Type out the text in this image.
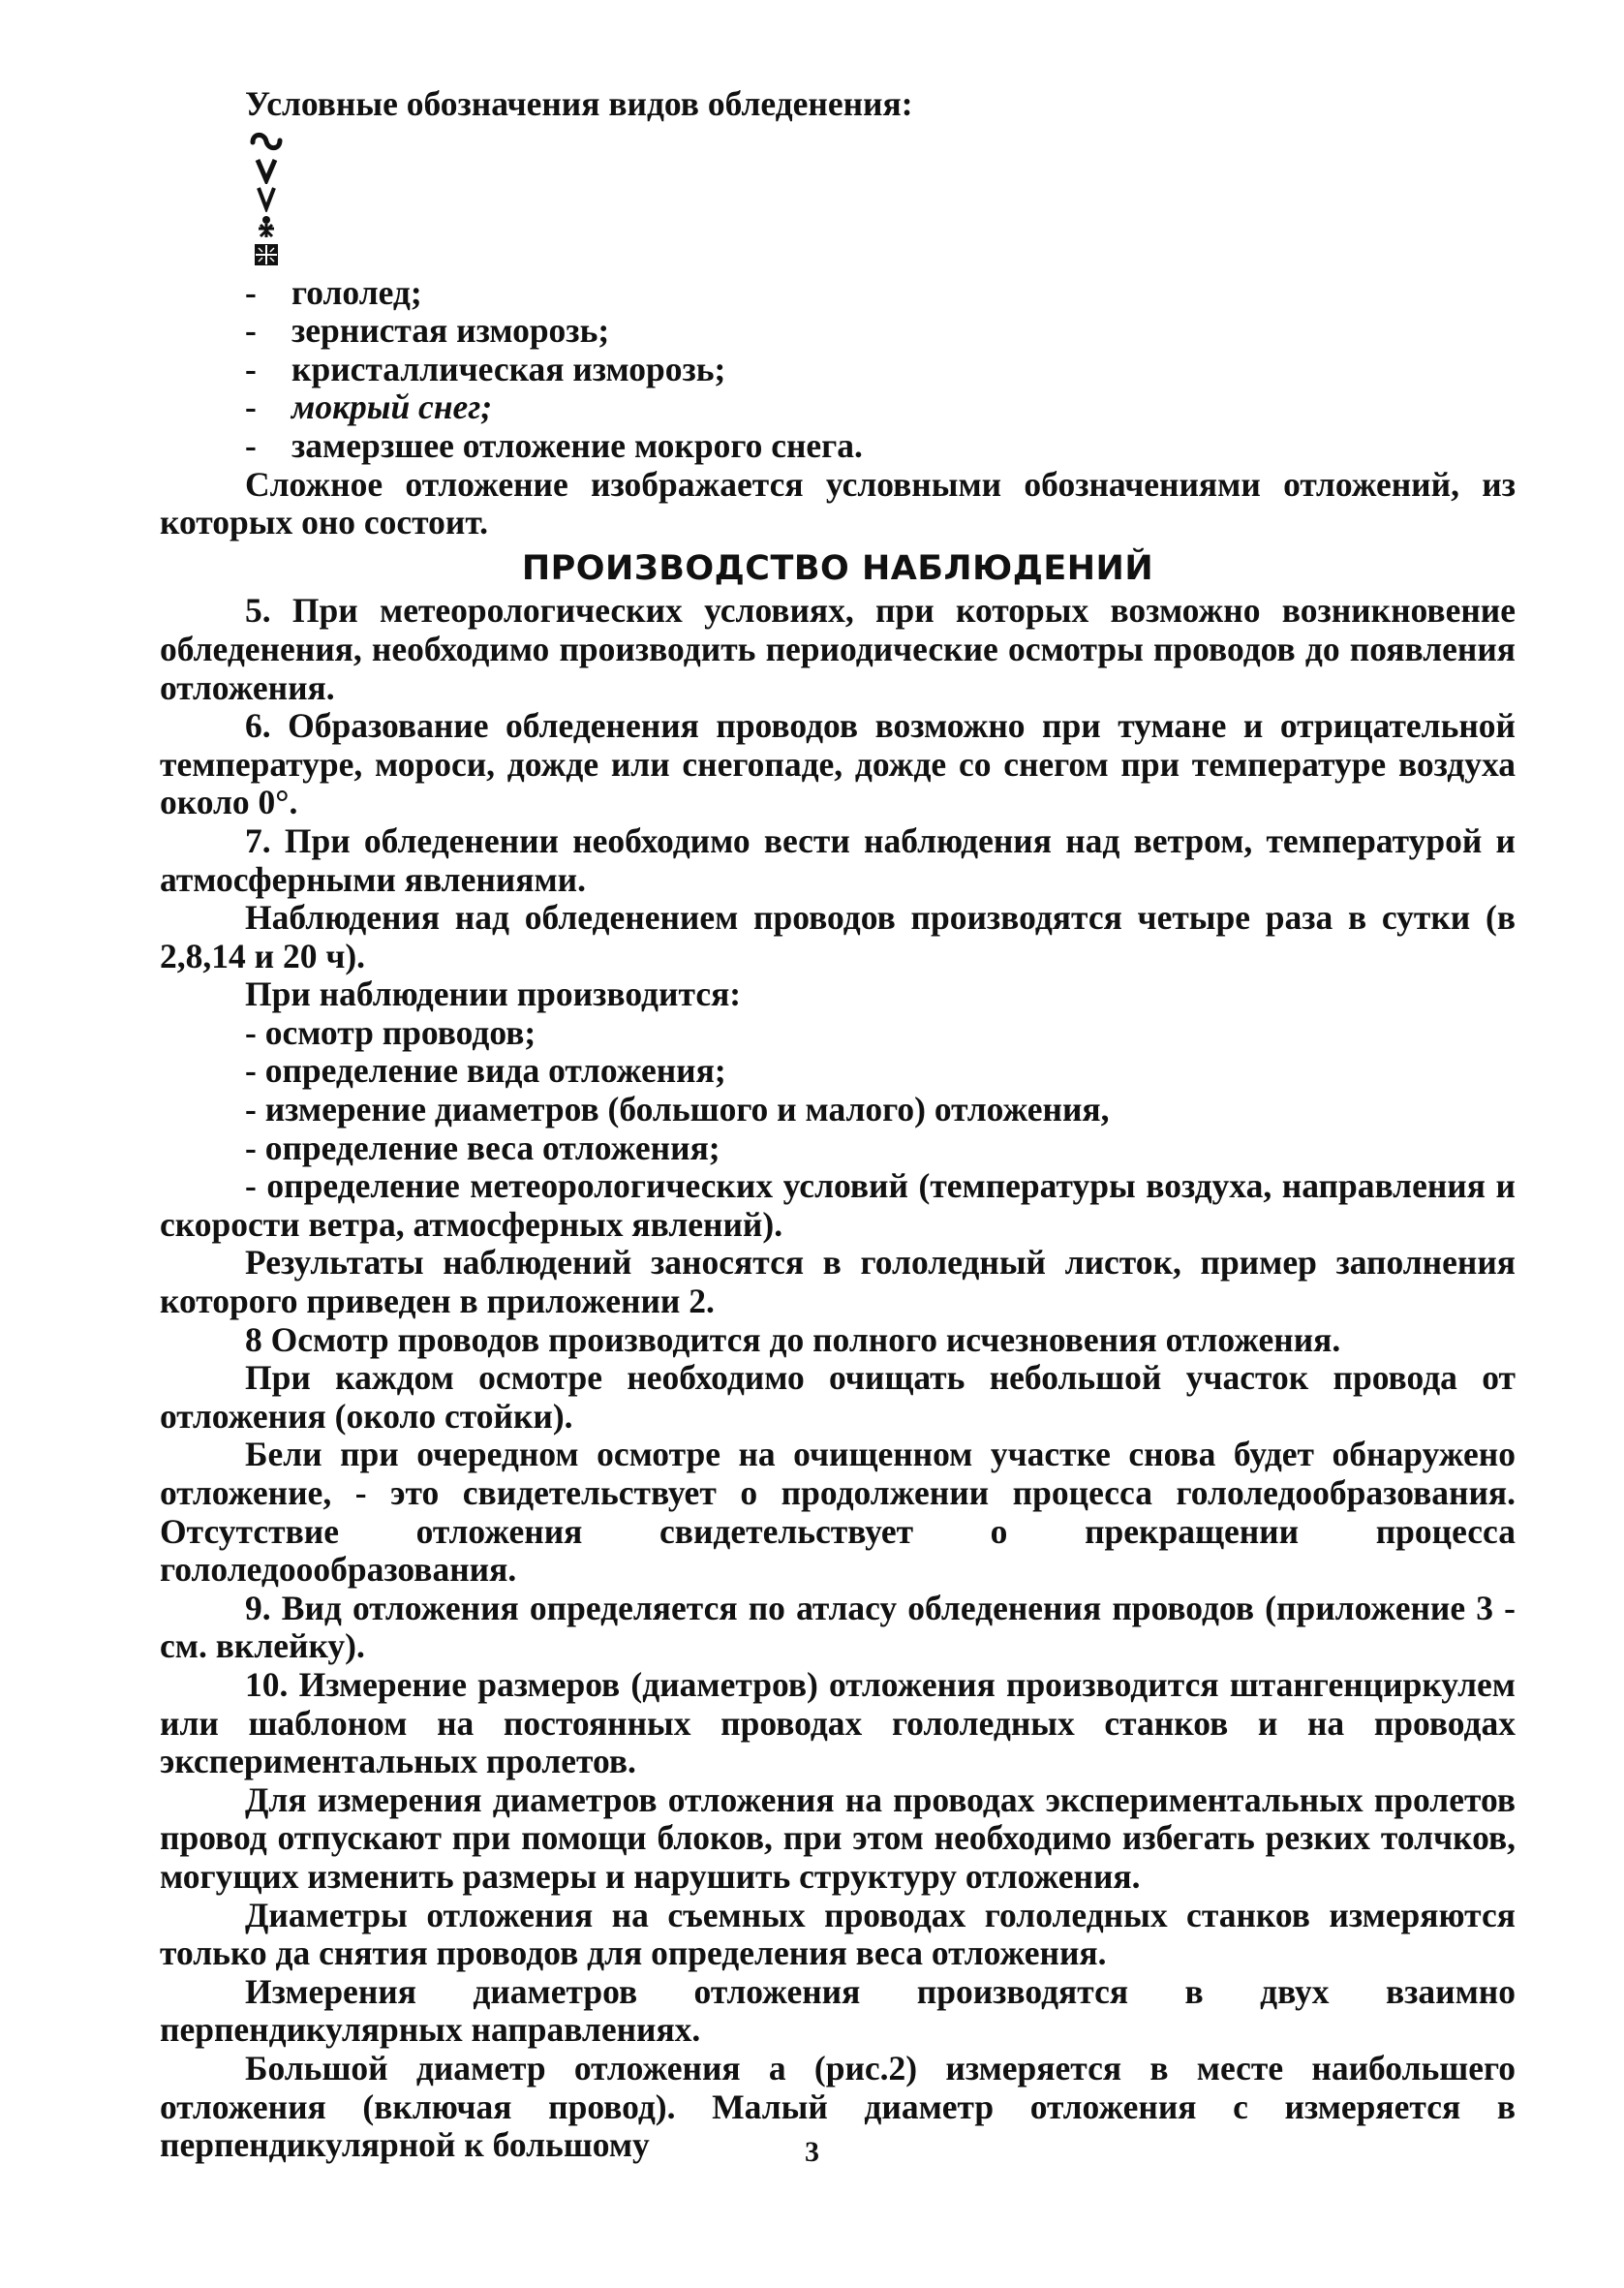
Условные обозначения видов обледенения:

- гололед;

- зернистая изморозь;

- кристаллическая изморозь;

- мокрый снег;

- замерзшее отложение мокрого снега.

Сложное отложение изображается условными обозначениями отложений, из которых оно состоит.

ПРОИЗВОДСТВО НАБЛЮДЕНИЙ

5. При метеорологических условиях, при которых возможно возникновение обледенения, необходимо производить периодические осмотры проводов до появления отложения.

6. Образование обледенения проводов возможно при тумане и отрицательной температуре, мороси, дожде или снегопаде, дожде со снегом при температуре воздуха около 0°.

7. При обледенении необходимо вести наблюдения над ветром, температурой и атмосферными явлениями.

Наблюдения над обледенением проводов производятся четыре раза в сутки (в 2,8,14 и 20 ч).

При наблюдении производится:

- осмотр проводов;

- определение вида отложения;

- измерение диаметров (большого и малого) отложения,

- определение веса отложения;

- определение метеорологических условий (температуры воздуха, направления и скорости ветра, атмосферных явлений).

Результаты наблюдений заносятся в гололедный листок, пример заполнения которого приведен в приложении 2.

8 Осмотр проводов производится до полного исчезновения отложения.

При каждом осмотре необходимо очищать небольшой участок провода от отложения (около стойки).

Бели при очередном осмотре на очищенном участке снова будет обнаружено отложение, - это свидетельствует о продолжении процесса гололедообразования. Отсутствие отложения свидетельствует о прекращении процесса гололедоообразования.

9. Вид отложения определяется по атласу обледенения проводов (приложение 3 - см. вклейку).

10. Измерение размеров (диаметров) отложения производится штангенциркулем или шаблоном на постоянных проводах гололедных станков и на проводах экспериментальных пролетов.

Для измерения диаметров отложения на проводах экспериментальных пролетов провод отпускают при помощи блоков, при этом необходимо избегать резких толчков, могущих изменить размеры и нарушить структуру отложения.

Диаметры отложения на съемных проводах гололедных станков измеряются только да снятия проводов для определения веса отложения.

Измерения диаметров отложения производятся в двух взаимно перпендикулярных направлениях.

Большой диаметр отложения а (рис.2) измеряется в месте наибольшего отложения (включая провод). Малый диаметр отложения с измеряется в перпендикулярной к большому	3
